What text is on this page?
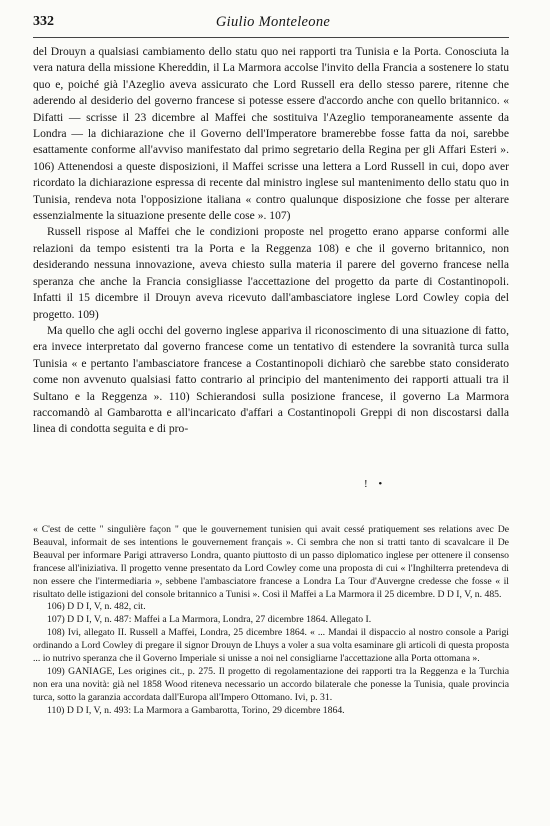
332	Giulio Monteleone

del Drouyn a qualsiasi cambiamento dello statu quo nei rapporti tra Tunisia e la Porta. Conosciuta la vera natura della missione Khereddin, il La Marmora accolse l'invito della Francia a sostenere lo statu quo e, poiché già l'Azeglio aveva assicurato che Lord Russell era dello stesso parere, ritenne che aderendo al desiderio del governo francese si potesse essere d'accordo anche con quello britannico. « Difatti — scrisse il 23 dicembre al Maffei che sostituiva l'Azeglio temporaneamente assente da Londra — la dichiarazione che il Governo dell'Imperatore bramerebbe fosse fatta da noi, sarebbe esattamente conforme all'avviso manifestato dal primo segretario della Regina per gli Affari Esteri ». 106) Attenendosi a queste disposizioni, il Maffei scrisse una lettera a Lord Russell in cui, dopo aver ricordato la dichiarazione espressa di recente dal ministro inglese sul mantenimento dello statu quo in Tunisia, rendeva nota l'opposizione italiana « contro qualunque disposizione che fosse per alterare essenzialmente la situazione presente delle cose ». 107)

Russell rispose al Maffei che le condizioni proposte nel progetto erano apparse conformi alle relazioni da tempo esistenti tra la Porta e la Reggenza 108) e che il governo britannico, non desiderando nessuna innovazione, aveva chiesto sulla materia il parere del governo francese nella speranza che anche la Francia consigliasse l'accettazione del progetto da parte di Costantinopoli. Infatti il 15 dicembre il Drouyn aveva ricevuto dall'ambasciatore inglese Lord Cowley copia del progetto. 109)

Ma quello che agli occhi del governo inglese appariva il riconoscimento di una situazione di fatto, era invece interpretato dal governo francese come un tentativo di estendere la sovranità turca sulla Tunisia « e pertanto l'ambasciatore francese a Costantinopoli dichiarò che sarebbe stato considerato come non avvenuto qualsiasi fatto contrario al principio del mantenimento dei rapporti attuali tra il Sultano e la Reggenza ». 110) Schierandosi sulla posizione francese, il governo La Marmora raccomandò al Gambarotta e all'incaricato d'affari a Costantinopoli Greppi di non discostarsi dalla linea di condotta seguita e di pro-

! •

« C'est de cette " singulière façon " que le gouvernement tunisien qui avait cessé pratiquement ses relations avec De Beauval, informait de ses intentions le gouvernement français ». Ci sembra che non si tratti tanto di scavalcare il De Beauval per informare Parigi attraverso Londra, quanto piuttosto di un passo diplomatico inglese per ottenere il consenso francese all'iniziativa. Il progetto venne presentato da Lord Cowley come una proposta di cui « l'Inghilterra pretendeva di non essere che l'intermediaria », sebbene l'ambasciatore francese a Londra La Tour d'Auvergne credesse che fosse « il risultato delle istigazioni del console britannico a Tunisi ». Così il Maffei a La Marmora il 25 dicembre. D D I, V, n. 485.

106) D D I, V, n. 482, cit.

107) D D I, V, n. 487: Maffei a La Marmora, Londra, 27 dicembre 1864. Allegato I.

108) Ivi, allegato II. Russell a Maffei, Londra, 25 dicembre 1864. « ... Mandai il dispaccio al nostro console a Parigi ordinando a Lord Cowley di pregare il signor Drouyn de Lhuys a voler a sua volta esaminare gli articoli di questa proposta ... io nutrivo speranza che il Governo Imperiale si unisse a noi nel consigliarne l'accettazione alla Porta ottomana ».

109) GANIAGE, Les origines cit., p. 275. Il progetto di regolamentazione dei rapporti tra la Reggenza e la Turchia non era una novità: già nel 1858 Wood riteneva necessario un accordo bilaterale che ponesse la Tunisia, quale provincia turca, sotto la garanzia accordata dall'Europa all'Impero Ottomano. Ivi, p. 31.

110) D D I, V, n. 493: La Marmora a Gambarotta, Torino, 29 dicembre 1864.
